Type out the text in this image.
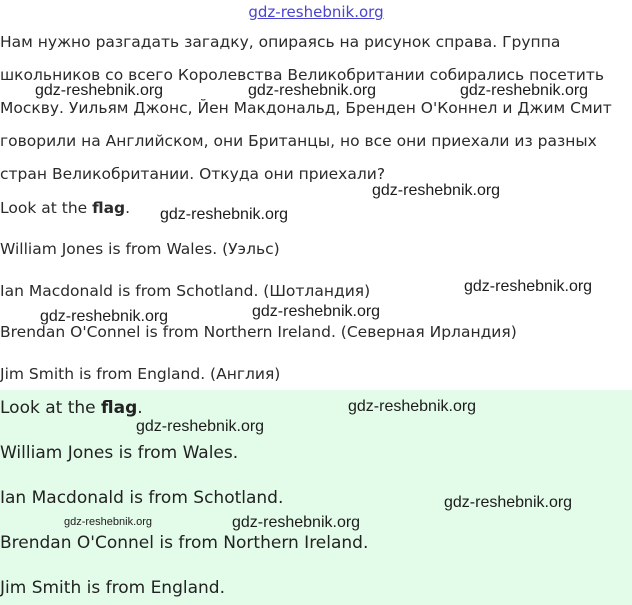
gdz-reshebnik.org

Нам нужно разгадать загадку, опираясь на рисунок справа. Группа школьников со всего Королевства Великобритании собирались посетить Москву. Уильям Джонс, Йен Макдональд, Бренден О'Коннел и Джим Смит говорили на Английском, они Британцы, но все они приехали из разных стран Великобритании. Откуда они приехали?

Look at the flag.
William Jones is from Wales. (Уэльс)
Ian Macdonald is from Schotland. (Шотландия)
Brendan O'Connel is from Northern Ireland. (Северная Ирландия)
Jim Smith is from England. (Англия)
Look at the flag.
William Jones is from Wales.
Ian Macdonald is from Schotland.
Brendan O'Connel is from Northern Ireland.
Jim Smith is from England.
gdz-reshebnik.org	gdz-reshebnik.org	gdz-reshebnik.org
gdz-reshebnik.org
gdz-reshebnik.org
gdz-reshebnik.org
gdz-reshebnik.org
gdz-reshebnik.org
gdz-reshebnik.org
gdz-reshebnik.org
gdz-reshebnik.org
gdz-reshebnik.org	gdz-reshebnik.org
